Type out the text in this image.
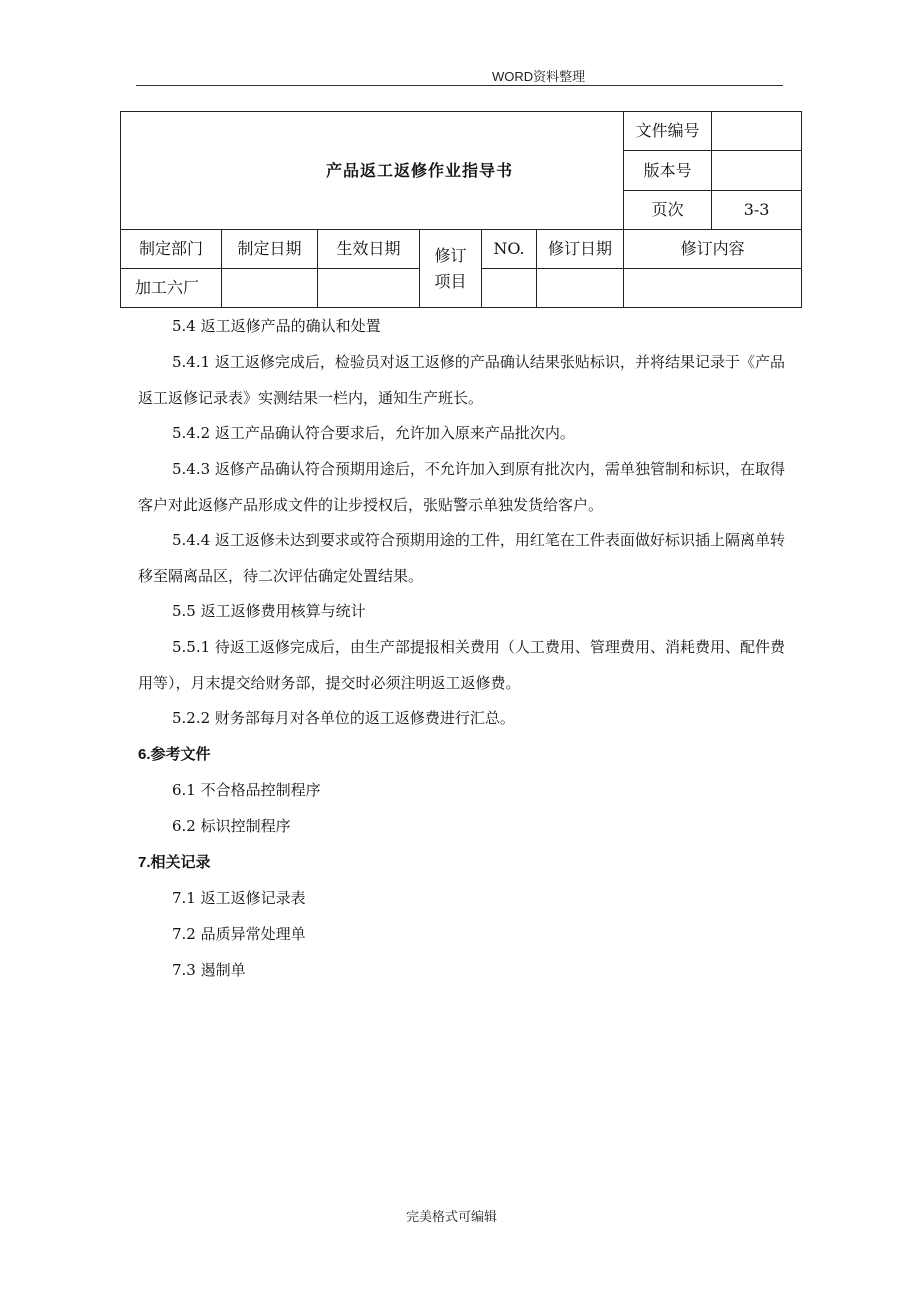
WORD资料整理
产品返工返修作业指导书						文件编号	
						版本号	
						页次	3-3
制定部门	制定日期	生效日期	修订项目	NO.	修订日期	修订内容	
加工六厂							

5.4 返工返修产品的确认和处置

5.4.1 返工返修完成后，检验员对返工返修的产品确认结果张贴标识，并将结果记录于《产品返工返修记录表》实测结果一栏内，通知生产班长。

5.4.2 返工产品确认符合要求后，允许加入原来产品批次内。

5.4.3 返修产品确认符合预期用途后，不允许加入到原有批次内，需单独管制和标识，在取得客户对此返修产品形成文件的让步授权后，张贴警示单独发货给客户。

5.4.4 返工返修未达到要求或符合预期用途的工件，用红笔在工件表面做好标识插上隔离单转移至隔离品区，待二次评估确定处置结果。

5.5 返工返修费用核算与统计

5.5.1 待返工返修完成后，由生产部提报相关费用（人工费用、管理费用、消耗费用、配件费用等），月末提交给财务部，提交时必须注明返工返修费。

5.2.2 财务部每月对各单位的返工返修费进行汇总。

6.参考文件

6.1 不合格品控制程序

6.2 标识控制程序

7.相关记录

7.1 返工返修记录表

7.2 品质异常处理单

7.3 遏制单

完美格式可编辑
